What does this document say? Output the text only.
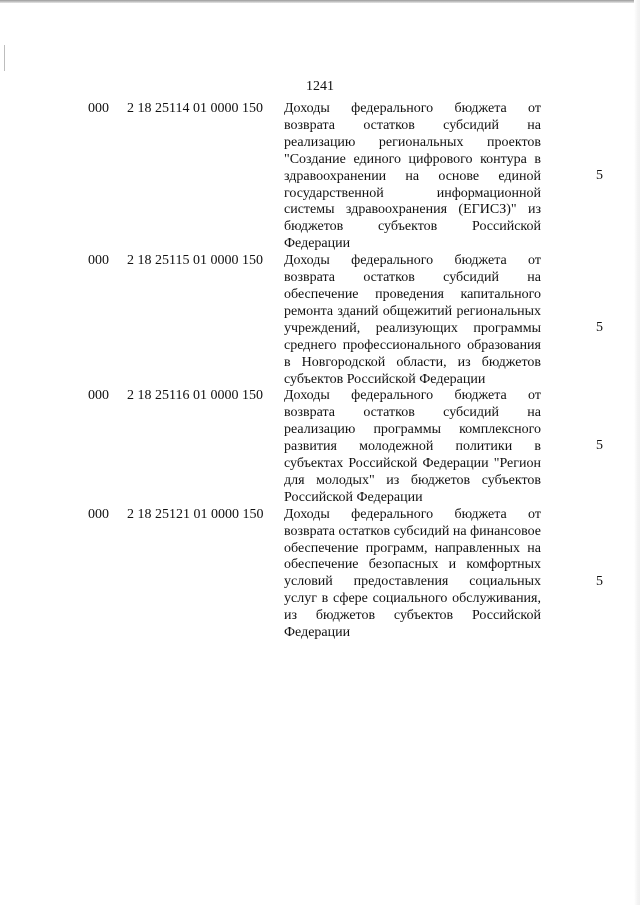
1241
000 2 18 25114 01 0000 150 Доходы федерального бюджета от возврата остатков субсидий на реализацию региональных проектов "Создание единого цифрового контура в здравоохранении на основе единой государственной информационной системы здравоохранения (ЕГИСЗ)" из бюджетов субъектов Российской Федерации
5
000 2 18 25115 01 0000 150 Доходы федерального бюджета от возврата остатков субсидий на обеспечение проведения капитального ремонта зданий общежитий региональных учреждений, реализующих программы среднего профессионального образования в Новгородской области, из бюджетов субъектов Российской Федерации
5
000 2 18 25116 01 0000 150 Доходы федерального бюджета от возврата остатков субсидий на реализацию программы комплексного развития молодежной политики в субъектах Российской Федерации "Регион для молодых" из бюджетов субъектов Российской Федерации
5
000 2 18 25121 01 0000 150 Доходы федерального бюджета от возврата остатков субсидий на финансовое обеспечение программ, направленных на обеспечение безопасных и комфортных условий предоставления социальных услуг в сфере социального обслуживания, из бюджетов субъектов Российской Федерации
5
